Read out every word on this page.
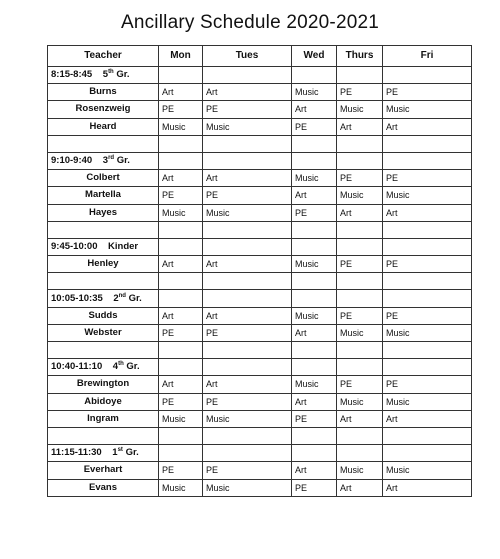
Ancillary Schedule 2020-2021
Teacher	Mon	Tues	Wed	Thurs	Fri
8:15-8:45 5th Gr.					
Burns	Art	Art	Music	PE	PE
Rosenzweig	PE	PE	Art	Music	Music
Heard	Music	Music	PE	Art	Art

9:10-9:40 3rd Gr.					
Colbert	Art	Art	Music	PE	PE
Martella	PE	PE	Art	Music	Music
Hayes	Music	Music	PE	Art	Art

9:45-10:00 Kinder					
Henley	Art	Art	Music	PE	PE

10:05-10:35 2nd Gr.					
Sudds	Art	Art	Music	PE	PE
Webster	PE	PE	Art	Music	Music

10:40-11:10 4th Gr.					
Brewington	Art	Art	Music	PE	PE
Abidoye	PE	PE	Art	Music	Music
Ingram	Music	Music	PE	Art	Art

11:15-11:30 1st Gr.					
Everhart	PE	PE	Art	Music	Music
Evans	Music	Music	PE	Art	Art
